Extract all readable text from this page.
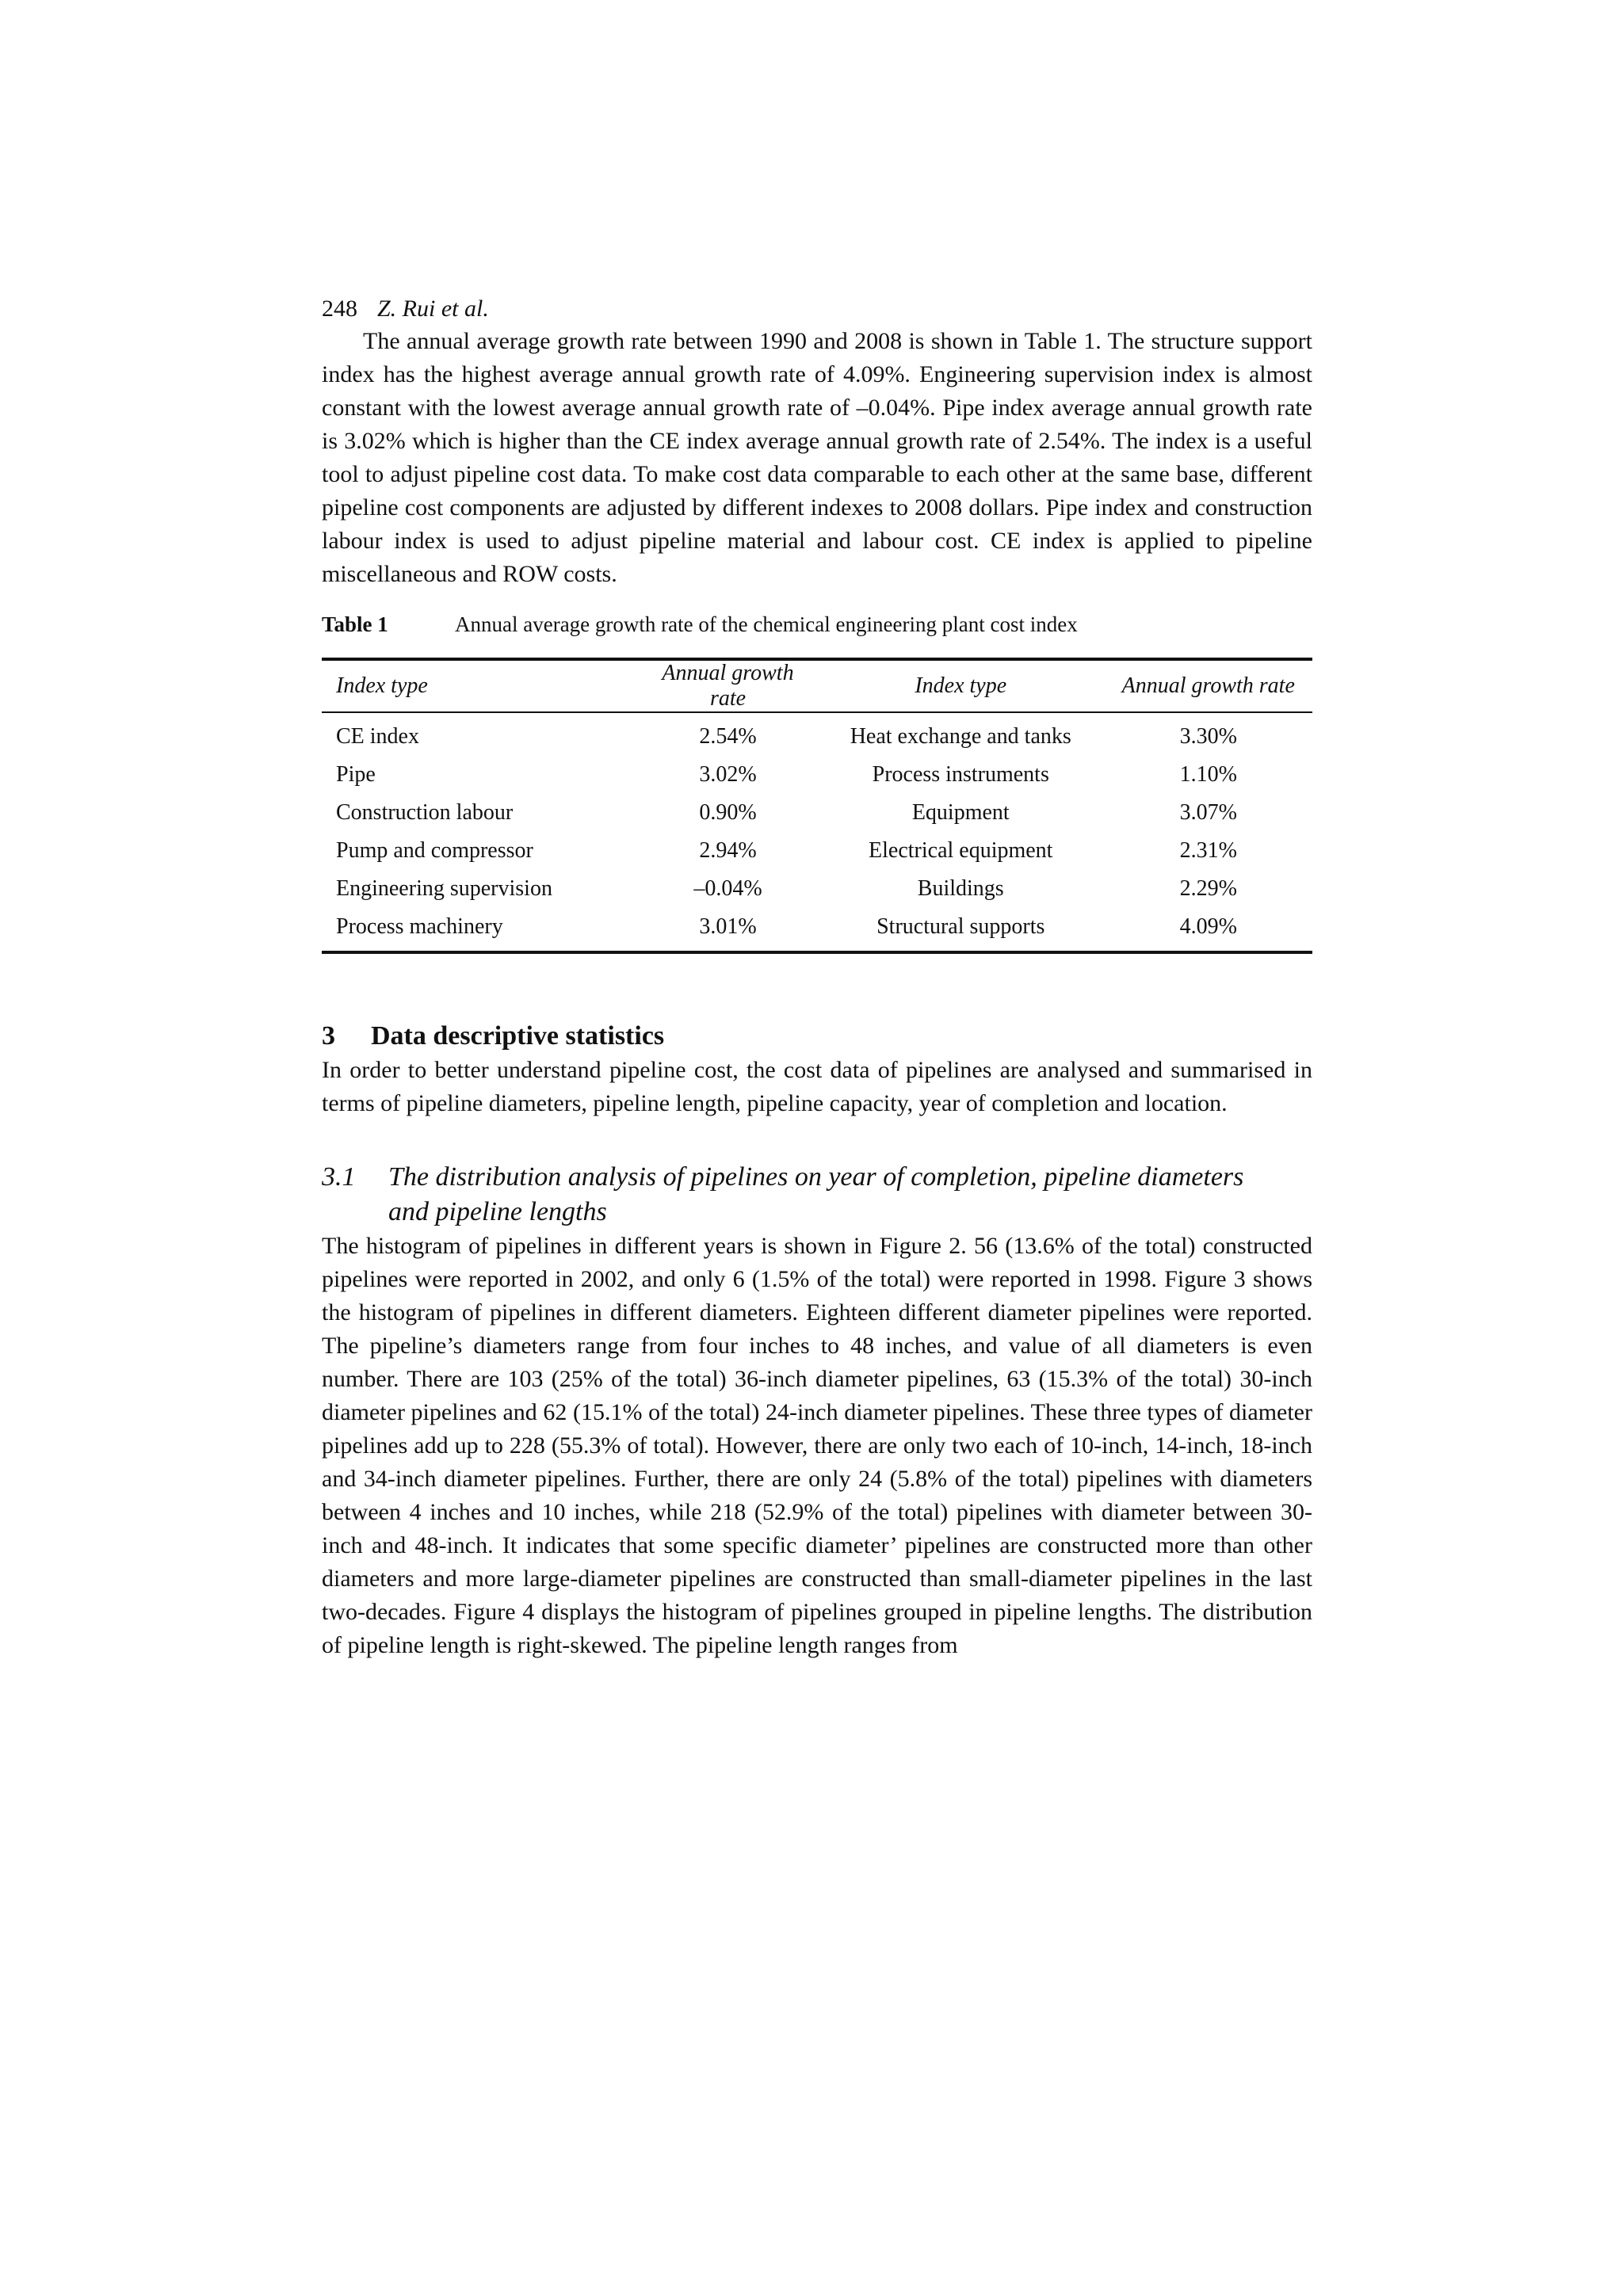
248 Z. Rui et al.

The annual average growth rate between 1990 and 2008 is shown in Table 1. The structure support index has the highest average annual growth rate of 4.09%. Engineering supervision index is almost constant with the lowest average annual growth rate of –0.04%. Pipe index average annual growth rate is 3.02% which is higher than the CE index average annual growth rate of 2.54%. The index is a useful tool to adjust pipeline cost data. To make cost data comparable to each other at the same base, different pipeline cost components are adjusted by different indexes to 2008 dollars. Pipe index and construction labour index is used to adjust pipeline material and labour cost. CE index is applied to pipeline miscellaneous and ROW costs.

Table 1	Annual average growth rate of the chemical engineering plant cost index
Index type	Annual growth rate	Index type	Annual growth rate
CE index	2.54%	Heat exchange and tanks	3.30%
Pipe	3.02%	Process instruments	1.10%
Construction labour	0.90%	Equipment	3.07%
Pump and compressor	2.94%	Electrical equipment	2.31%
Engineering supervision	–0.04%	Buildings	2.29%
Process machinery	3.01%	Structural supports	4.09%
3	Data descriptive statistics

In order to better understand pipeline cost, the cost data of pipelines are analysed and summarised in terms of pipeline diameters, pipeline length, pipeline capacity, year of completion and location.

3.1	The distribution analysis of pipelines on year of completion, pipeline diameters and pipeline lengths

The histogram of pipelines in different years is shown in Figure 2. 56 (13.6% of the total) constructed pipelines were reported in 2002, and only 6 (1.5% of the total) were reported in 1998. Figure 3 shows the histogram of pipelines in different diameters. Eighteen different diameter pipelines were reported. The pipeline’s diameters range from four inches to 48 inches, and value of all diameters is even number. There are 103 (25% of the total) 36-inch diameter pipelines, 63 (15.3% of the total) 30-inch diameter pipelines and 62 (15.1% of the total) 24-inch diameter pipelines. These three types of diameter pipelines add up to 228 (55.3% of total). However, there are only two each of 10-inch, 14-inch, 18-inch and 34-inch diameter pipelines. Further, there are only 24 (5.8% of the total) pipelines with diameters between 4 inches and 10 inches, while 218 (52.9% of the total) pipelines with diameter between 30-inch and 48-inch. It indicates that some specific diameter’ pipelines are constructed more than other diameters and more large-diameter pipelines are constructed than small-diameter pipelines in the last two-decades. Figure 4 displays the histogram of pipelines grouped in pipeline lengths. The distribution of pipeline length is right-skewed. The pipeline length ranges from
